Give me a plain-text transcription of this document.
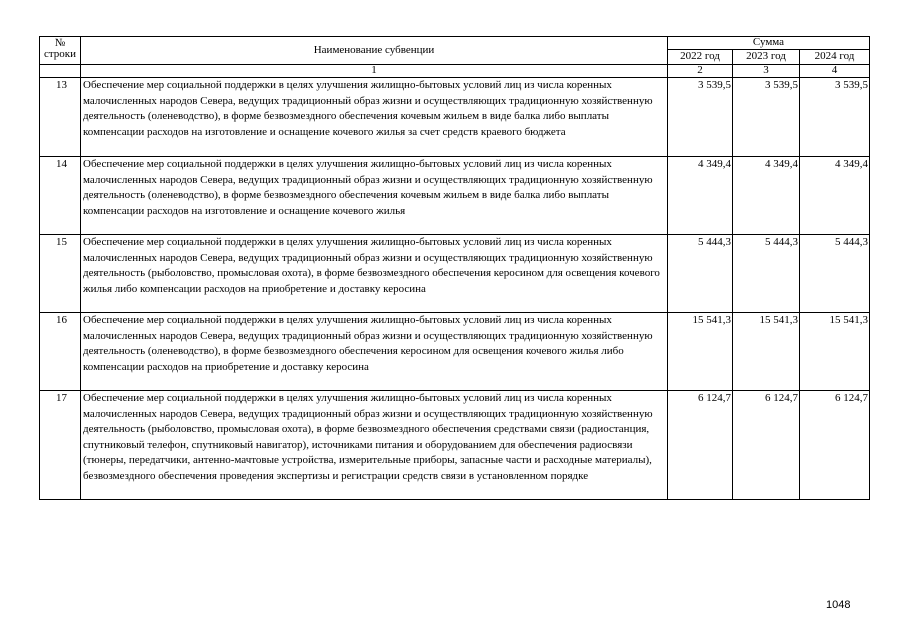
№
строки	Наименование субвенции	Сумма		
		2022 год	2023 год	2024 год
	1	2	3	4
13	Обеспечение мер социальной поддержки в целях улучшения жилищно-бытовых условий лиц из числа коренных малочисленных народов Севера, ведущих традиционный образ жизни и осуществляющих традиционную хозяйственную деятельность (оленеводство), в форме безвозмездного обеспечения кочевым жильем в виде балка либо выплаты компенсации расходов на изготовление и оснащение кочевого жилья за счет средств краевого бюджета	3 539,5	3 539,5	3 539,5
14	Обеспечение мер социальной поддержки в целях улучшения жилищно-бытовых условий лиц из числа коренных малочисленных народов Севера, ведущих традиционный образ жизни и осуществляющих традиционную хозяйственную деятельность (оленеводство), в форме безвозмездного обеспечения кочевым жильем в виде балка либо выплаты компенсации расходов на изготовление и оснащение кочевого жилья	4 349,4	4 349,4	4 349,4
15	Обеспечение мер социальной поддержки в целях улучшения жилищно-бытовых условий лиц из числа коренных малочисленных народов Севера, ведущих традиционный образ жизни и осуществляющих традиционную хозяйственную деятельность (рыболовство, промысловая охота), в форме безвозмездного обеспечения керосином для освещения кочевого жилья либо компенсации расходов на приобретение и доставку керосина	5 444,3	5 444,3	5 444,3
16	Обеспечение мер социальной поддержки в целях улучшения жилищно-бытовых условий лиц из числа коренных малочисленных народов Севера, ведущих традиционный образ жизни и осуществляющих традиционную хозяйственную деятельность (оленеводство), в форме безвозмездного обеспечения керосином для освещения кочевого жилья либо компенсации расходов на приобретение и доставку керосина	15 541,3	15 541,3	15 541,3
17	Обеспечение мер социальной поддержки в целях улучшения жилищно-бытовых условий лиц из числа коренных малочисленных народов Севера, ведущих традиционный образ жизни и осуществляющих традиционную хозяйственную деятельность (рыболовство, промысловая охота), в форме безвозмездного обеспечения средствами связи (радиостанция, спутниковый телефон, спутниковый навигатор), источниками питания и оборудованием для обеспечения радиосвязи (тюнеры, передатчики, антенно-мачтовые устройства, измерительные приборы, запасные части и расходные материалы), безвозмездного обеспечения проведения экспертизы и регистрации средств связи в установленном порядке	6 124,7	6 124,7	6 124,7
1048
